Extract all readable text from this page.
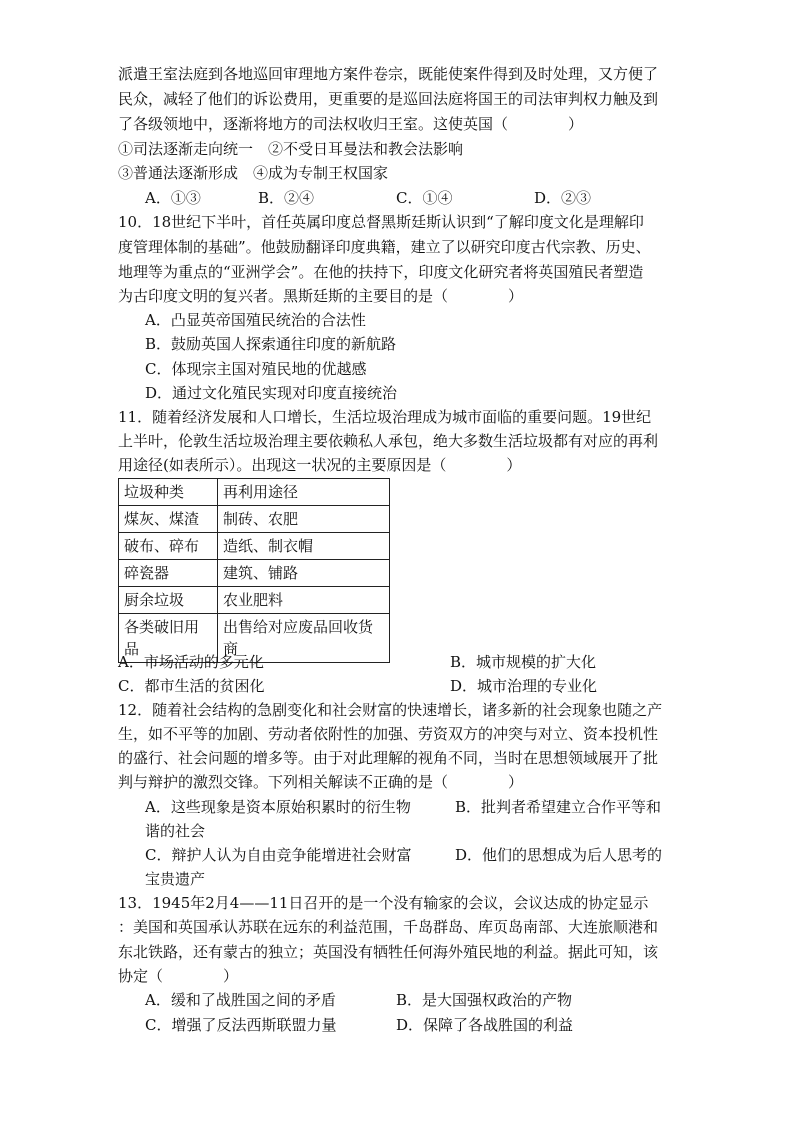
派遣王室法庭到各地巡回审理地方案件卷宗，既能使案件得到及时处理，又方便了
民众，减轻了他们的诉讼费用，更重要的是巡回法庭将国王的司法审判权力触及到
了各级领地中，逐渐将地方的司法权收归王室。这使英国（　　　　）
①司法逐渐走向统一　②不受日耳曼法和教会法影响
③普通法逐渐形成　④成为专制王权国家
A．①③	B．②④	C．①④	D．②③
10．18世纪下半叶，首任英属印度总督黑斯廷斯认识到“了解印度文化是理解印
度管理体制的基础”。他鼓励翻译印度典籍，建立了以研究印度古代宗教、历史、
地理等为重点的“亚洲学会”。在他的扶持下，印度文化研究者将英国殖民者塑造
为古印度文明的复兴者。黑斯廷斯的主要目的是（　　　　）
A．凸显英帝国殖民统治的合法性
B．鼓励英国人探索通往印度的新航路
C．体现宗主国对殖民地的优越感
D．通过文化殖民实现对印度直接统治
11．随着经济发展和人口增长，生活垃圾治理成为城市面临的重要问题。19世纪
上半叶，伦敦生活垃圾治理主要依赖私人承包，绝大多数生活垃圾都有对应的再利
用途径(如表所示）。出现这一状况的主要原因是（　　　　）
垃圾种类	再利用途径
煤灰、煤渣	制砖、农肥
破布、碎布	造纸、制衣帽
碎瓷器	建筑、铺路
厨余垃圾	农业肥料
各类破旧用品	出售给对应废品回收货商
A．市场活动的多元化	B．城市规模的扩大化
C．都市生活的贫困化	D．城市治理的专业化
12．随着社会结构的急剧变化和社会财富的快速增长，诸多新的社会现象也随之产
生，如不平等的加剧、劳动者依附性的加强、劳资双方的冲突与对立、资本投机性
的盛行、社会问题的增多等。由于对此理解的视角不同，当时在思想领域展开了批
判与辩护的激烈交锋。下列相关解读不正确的是（　　　　）
A．这些现象是资本原始积累时的衍生物	B．批判者希望建立合作平等和
谐的社会
C．辩护人认为自由竞争能增进社会财富	D．他们的思想成为后人思考的
宝贵遗产
13．1945年2月4——11日召开的是一个没有输家的会议，会议达成的协定显示
：美国和英国承认苏联在远东的利益范围，千岛群岛、库页岛南部、大连旅顺港和
东北铁路，还有蒙古的独立；英国没有牺牲任何海外殖民地的利益。据此可知，该
协定（　　　　）
A．缓和了战胜国之间的矛盾	B．是大国强权政治的产物
C．增强了反法西斯联盟力量	D．保障了各战胜国的利益
